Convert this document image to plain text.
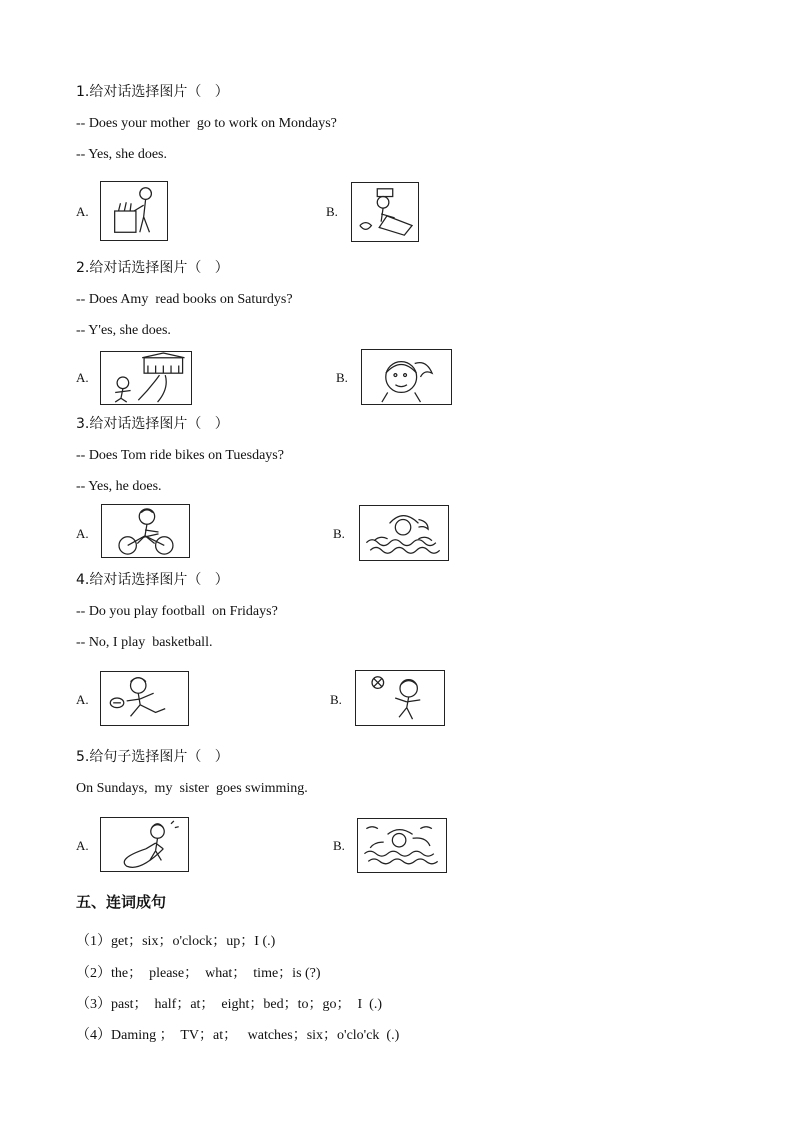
1.给对话选择图片（   ）
-- Does your mother  go to work on Mondays?
-- Yes, she does.
A.	B.
2.给对话选择图片（   ）
-- Does Amy  read books on Saturdys?
-- Y'es, she does.
A.	B.
3.给对话选择图片（   ）
-- Does Tom ride bikes on Tuesdays?
-- Yes, he does.
A.	B.
4.给对话选择图片（   ）
-- Do you play football  on Fridays?
-- No, I play  basketball.
A.	B.
5.给句子选择图片（   ）
On Sundays,  my  sister  goes swimming.
A.	B.
五、连词成句
（1）get；six；o'clock；up；I (.)
（2）the；  please；  what；  time；is (?)
（3）past；  half；at；  eight；bed；to；go；  I  (.)
（4）Daming ；  TV；at；   watches；six；o'clo'ck  (.)
